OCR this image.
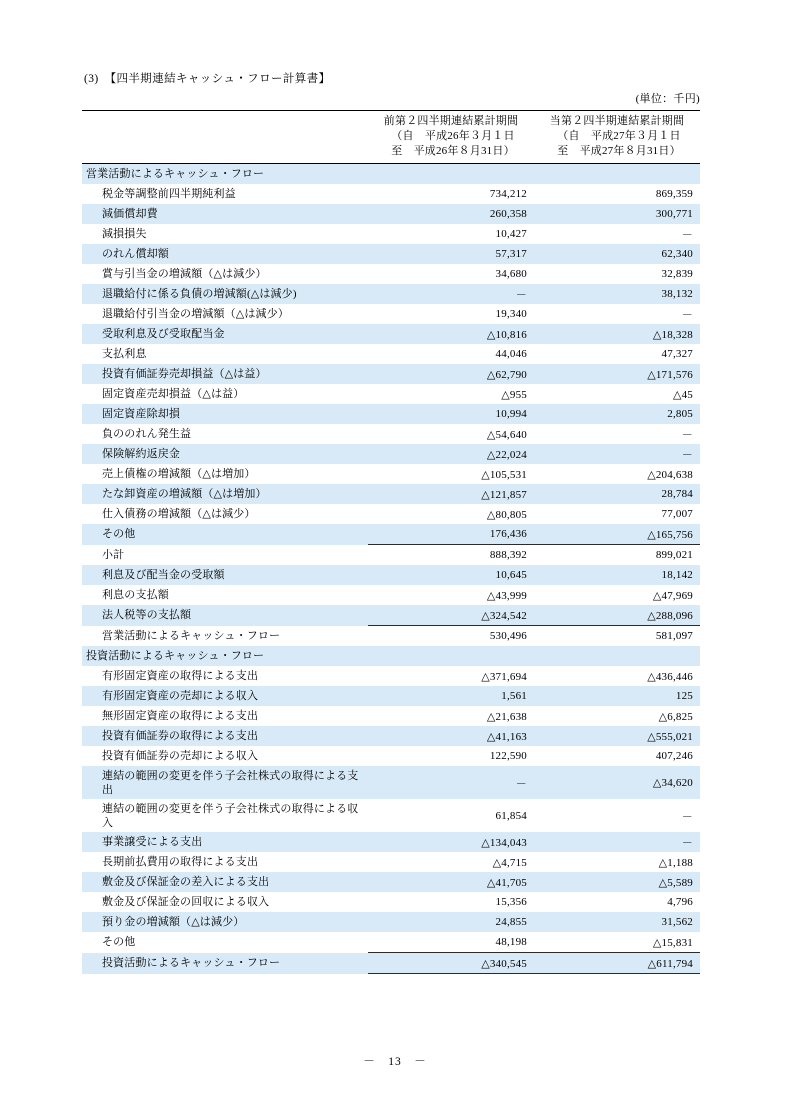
(3) 【四半期連結キャッシュ・フロー計算書】
(単位：千円)

	前第２四半期連結累計期間
（自　平成26年３月１日
至　平成26年８月31日）	当第２四半期連結累計期間
（自　平成27年３月１日
至　平成27年８月31日）

営業活動によるキャッシュ・フロー		

税金等調整前四半期純利益	734,212	869,359

減価償却費	260,358	300,771

減損損失	10,427	－

のれん償却額	57,317	62,340

賞与引当金の増減額（△は減少）	34,680	32,839

退職給付に係る負債の増減額(△は減少)	－	38,132

退職給付引当金の増減額（△は減少）	19,340	－

受取利息及び受取配当金	△10,816	△18,328

支払利息	44,046	47,327

投資有価証券売却損益（△は益）	△62,790	△171,576

固定資産売却損益（△は益）	△955	△45

固定資産除却損	10,994	2,805

負ののれん発生益	△54,640	－

保険解約返戻金	△22,024	－

売上債権の増減額（△は増加）	△105,531	△204,638

たな卸資産の増減額（△は増加）	△121,857	28,784

仕入債務の増減額（△は減少）	△80,805	77,007

その他	176,436	△165,756

小計	888,392	899,021

利息及び配当金の受取額	10,645	18,142

利息の支払額	△43,999	△47,969

法人税等の支払額	△324,542	△288,096

営業活動によるキャッシュ・フロー	530,496	581,097

投資活動によるキャッシュ・フロー		

有形固定資産の取得による支出	△371,694	△436,446

有形固定資産の売却による収入	1,561	125

無形固定資産の取得による支出	△21,638	△6,825

投資有価証券の取得による支出	△41,163	△555,021

投資有価証券の売却による収入	122,590	407,246

連結の範囲の変更を伴う子会社株式の取得による支出	－	△34,620

連結の範囲の変更を伴う子会社株式の取得による収入	61,854	－

事業譲受による支出	△134,043	－

長期前払費用の取得による支出	△4,715	△1,188

敷金及び保証金の差入による支出	△41,705	△5,589

敷金及び保証金の回収による収入	15,356	4,796

預り金の増減額（△は減少）	24,855	31,562

その他	48,198	△15,831

投資活動によるキャッシュ・フロー	△340,545	△611,794
－　13　－
